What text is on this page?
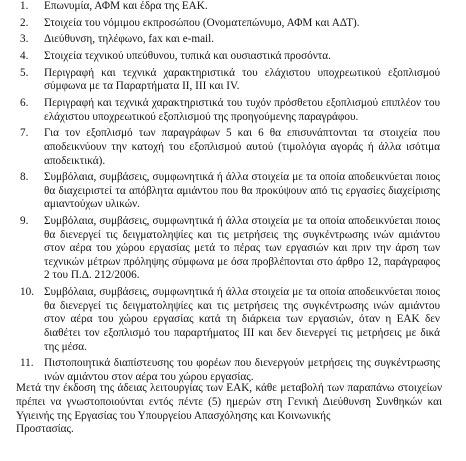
1.	Επωνυμία, ΑΦΜ και έδρα της ΕΑΚ.
2.	Στοιχεία του νόμιμου εκπροσώπου (Ονοματεπώνυμο, ΑΦΜ και ΑΔΤ).
3.	Διεύθυνση, τηλέφωνο, fax και e-mail.
4.	Στοιχεία τεχνικού υπεύθυνου, τυπικά και ουσιαστικά προσόντα.
5.	Περιγραφή και τεχνικά χαρακτηριστικά του ελάχιστου υποχρεωτικού εξοπλισμού σύμφωνα με τα Παραρτήματα ΙΙ, ΙΙΙ και IV.
6.	Περιγραφή και τεχνικά χαρακτηριστικά του τυχόν πρόσθετου εξοπλισμού επιπλέον του ελάχιστου υποχρεωτικού εξοπλισμού της προηγούμενης παραγράφου.
7.	Για τον εξοπλισμό των παραγράφων 5 και 6 θα επισυνάπτονται τα στοιχεία που αποδεικνύουν την κατοχή του εξοπλισμού αυτού (τιμολόγια αγοράς ή άλλα ισότιμα αποδεικτικά).
8.	Συμβόλαια, συμβάσεις, συμφωνητικά ή άλλα στοιχεία με τα οποία αποδεικνύεται ποιος θα διαχειριστεί τα απόβλητα αμιάντου που θα προκύψουν από τις εργασίες διαχείρισης αμιαντούχων υλικών.
9.	Συμβόλαια, συμβάσεις, συμφωνητικά ή άλλα στοιχεία με τα οποία αποδεικνύεται ποιος θα διενεργεί τις δειγματοληψίες και τις μετρήσεις της συγκέντρωσης ινών αμιάντου στον αέρα του χώρου εργασίας μετά το πέρας των εργασιών και πριν την άρση των τεχνικών μέτρων πρόληψης σύμφωνα με όσα προβλέπονται στο άρθρο 12, παράγραφος 2 του Π.Δ. 212/2006.
10. Συμβόλαια, συμβάσεις, συμφωνητικά ή άλλα στοιχεία με τα οποία αποδεικνύεται ποιος θα διενεργεί τις δειγματοληψίες και τις μετρήσεις της συγκέντρωσης ινών αμιάντου στον αέρα του χώρου εργασίας κατά τη διάρκεια των εργασιών, όταν η ΕΑΚ δεν διαθέτει τον εξοπλισμό του παραρτήματος ΙΙΙ και δεν διενεργεί τις μετρήσεις με δικά της μέσα.
11. Πιστοποιητικά διαπίστευσης του φορέων που διενεργούν μετρήσεις της συγκέντρωσης ινών αμιάντου στον αέρα του χώρου εργασίας.

Μετά την έκδοση της άδειας λειτουργίας των ΕΑΚ, κάθε μεταβολή των παραπάνω στοιχείων πρέπει να γνωστοποιούνται εντός πέντε (5) ημερών στη Γενική Διεύθυνση Συνθηκών και Υγιεινής της Εργασίας του Υπουργείου Απασχόλησης και Κοινωνικής
Προστασίας.
